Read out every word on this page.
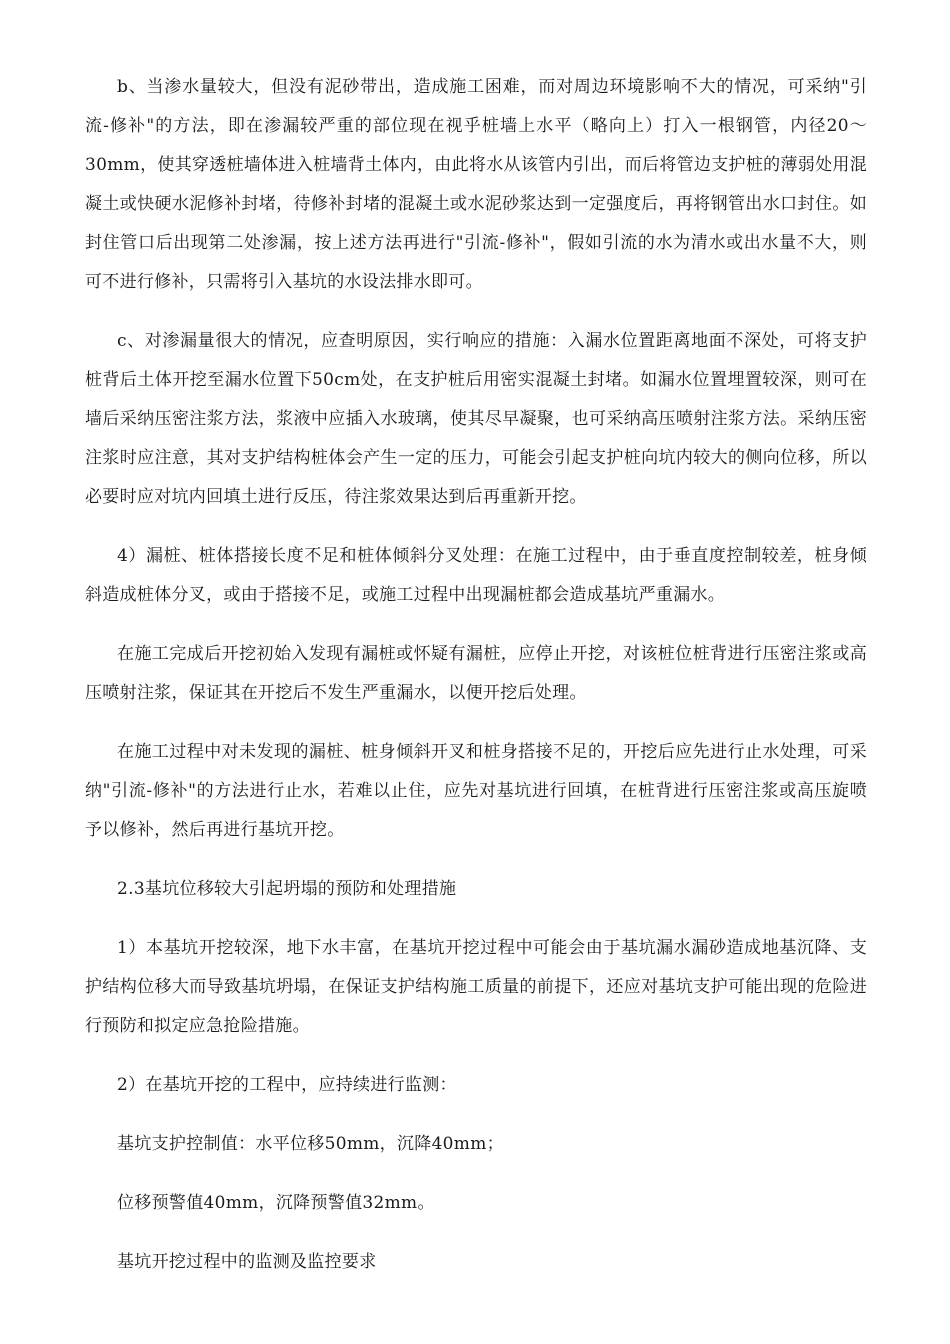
b、当渗水量较大，但没有泥砂带出，造成施工困难，而对周边环境影响不大的情况，可采纳"引流-修补"的方法，即在渗漏较严重的部位现在视乎桩墙上水平（略向上）打入一根钢管，内径20～30mm，使其穿透桩墙体进入桩墙背土体内，由此将水从该管内引出，而后将管边支护桩的薄弱处用混凝土或快硬水泥修补封堵，待修补封堵的混凝土或水泥砂浆达到一定强度后，再将钢管出水口封住。如封住管口后出现第二处渗漏，按上述方法再进行"引流-修补"，假如引流的水为清水或出水量不大，则可不进行修补，只需将引入基坑的水设法排水即可。

c、对渗漏量很大的情况，应查明原因，实行响应的措施：入漏水位置距离地面不深处，可将支护桩背后土体开挖至漏水位置下50cm处，在支护桩后用密实混凝土封堵。如漏水位置埋置较深，则可在墙后采纳压密注浆方法，浆液中应插入水玻璃，使其尽早凝聚，也可采纳高压喷射注浆方法。采纳压密注浆时应注意，其对支护结构桩体会产生一定的压力，可能会引起支护桩向坑内较大的侧向位移，所以必要时应对坑内回填土进行反压，待注浆效果达到后再重新开挖。

4）漏桩、桩体搭接长度不足和桩体倾斜分叉处理：在施工过程中，由于垂直度控制较差，桩身倾斜造成桩体分叉，或由于搭接不足，或施工过程中出现漏桩都会造成基坑严重漏水。

在施工完成后开挖初始入发现有漏桩或怀疑有漏桩，应停止开挖，对该桩位桩背进行压密注浆或高压喷射注浆，保证其在开挖后不发生严重漏水，以便开挖后处理。

在施工过程中对未发现的漏桩、桩身倾斜开叉和桩身搭接不足的，开挖后应先进行止水处理，可采纳"引流-修补"的方法进行止水，若难以止住，应先对基坑进行回填，在桩背进行压密注浆或高压旋喷予以修补，然后再进行基坑开挖。

2.3基坑位移较大引起坍塌的预防和处理措施

1）本基坑开挖较深，地下水丰富，在基坑开挖过程中可能会由于基坑漏水漏砂造成地基沉降、支护结构位移大而导致基坑坍塌，在保证支护结构施工质量的前提下，还应对基坑支护可能出现的危险进行预防和拟定应急抢险措施。

2）在基坑开挖的工程中，应持续进行监测：

基坑支护控制值：水平位移50mm，沉降40mm；

位移预警值40mm，沉降预警值32mm。

基坑开挖过程中的监测及监控要求
